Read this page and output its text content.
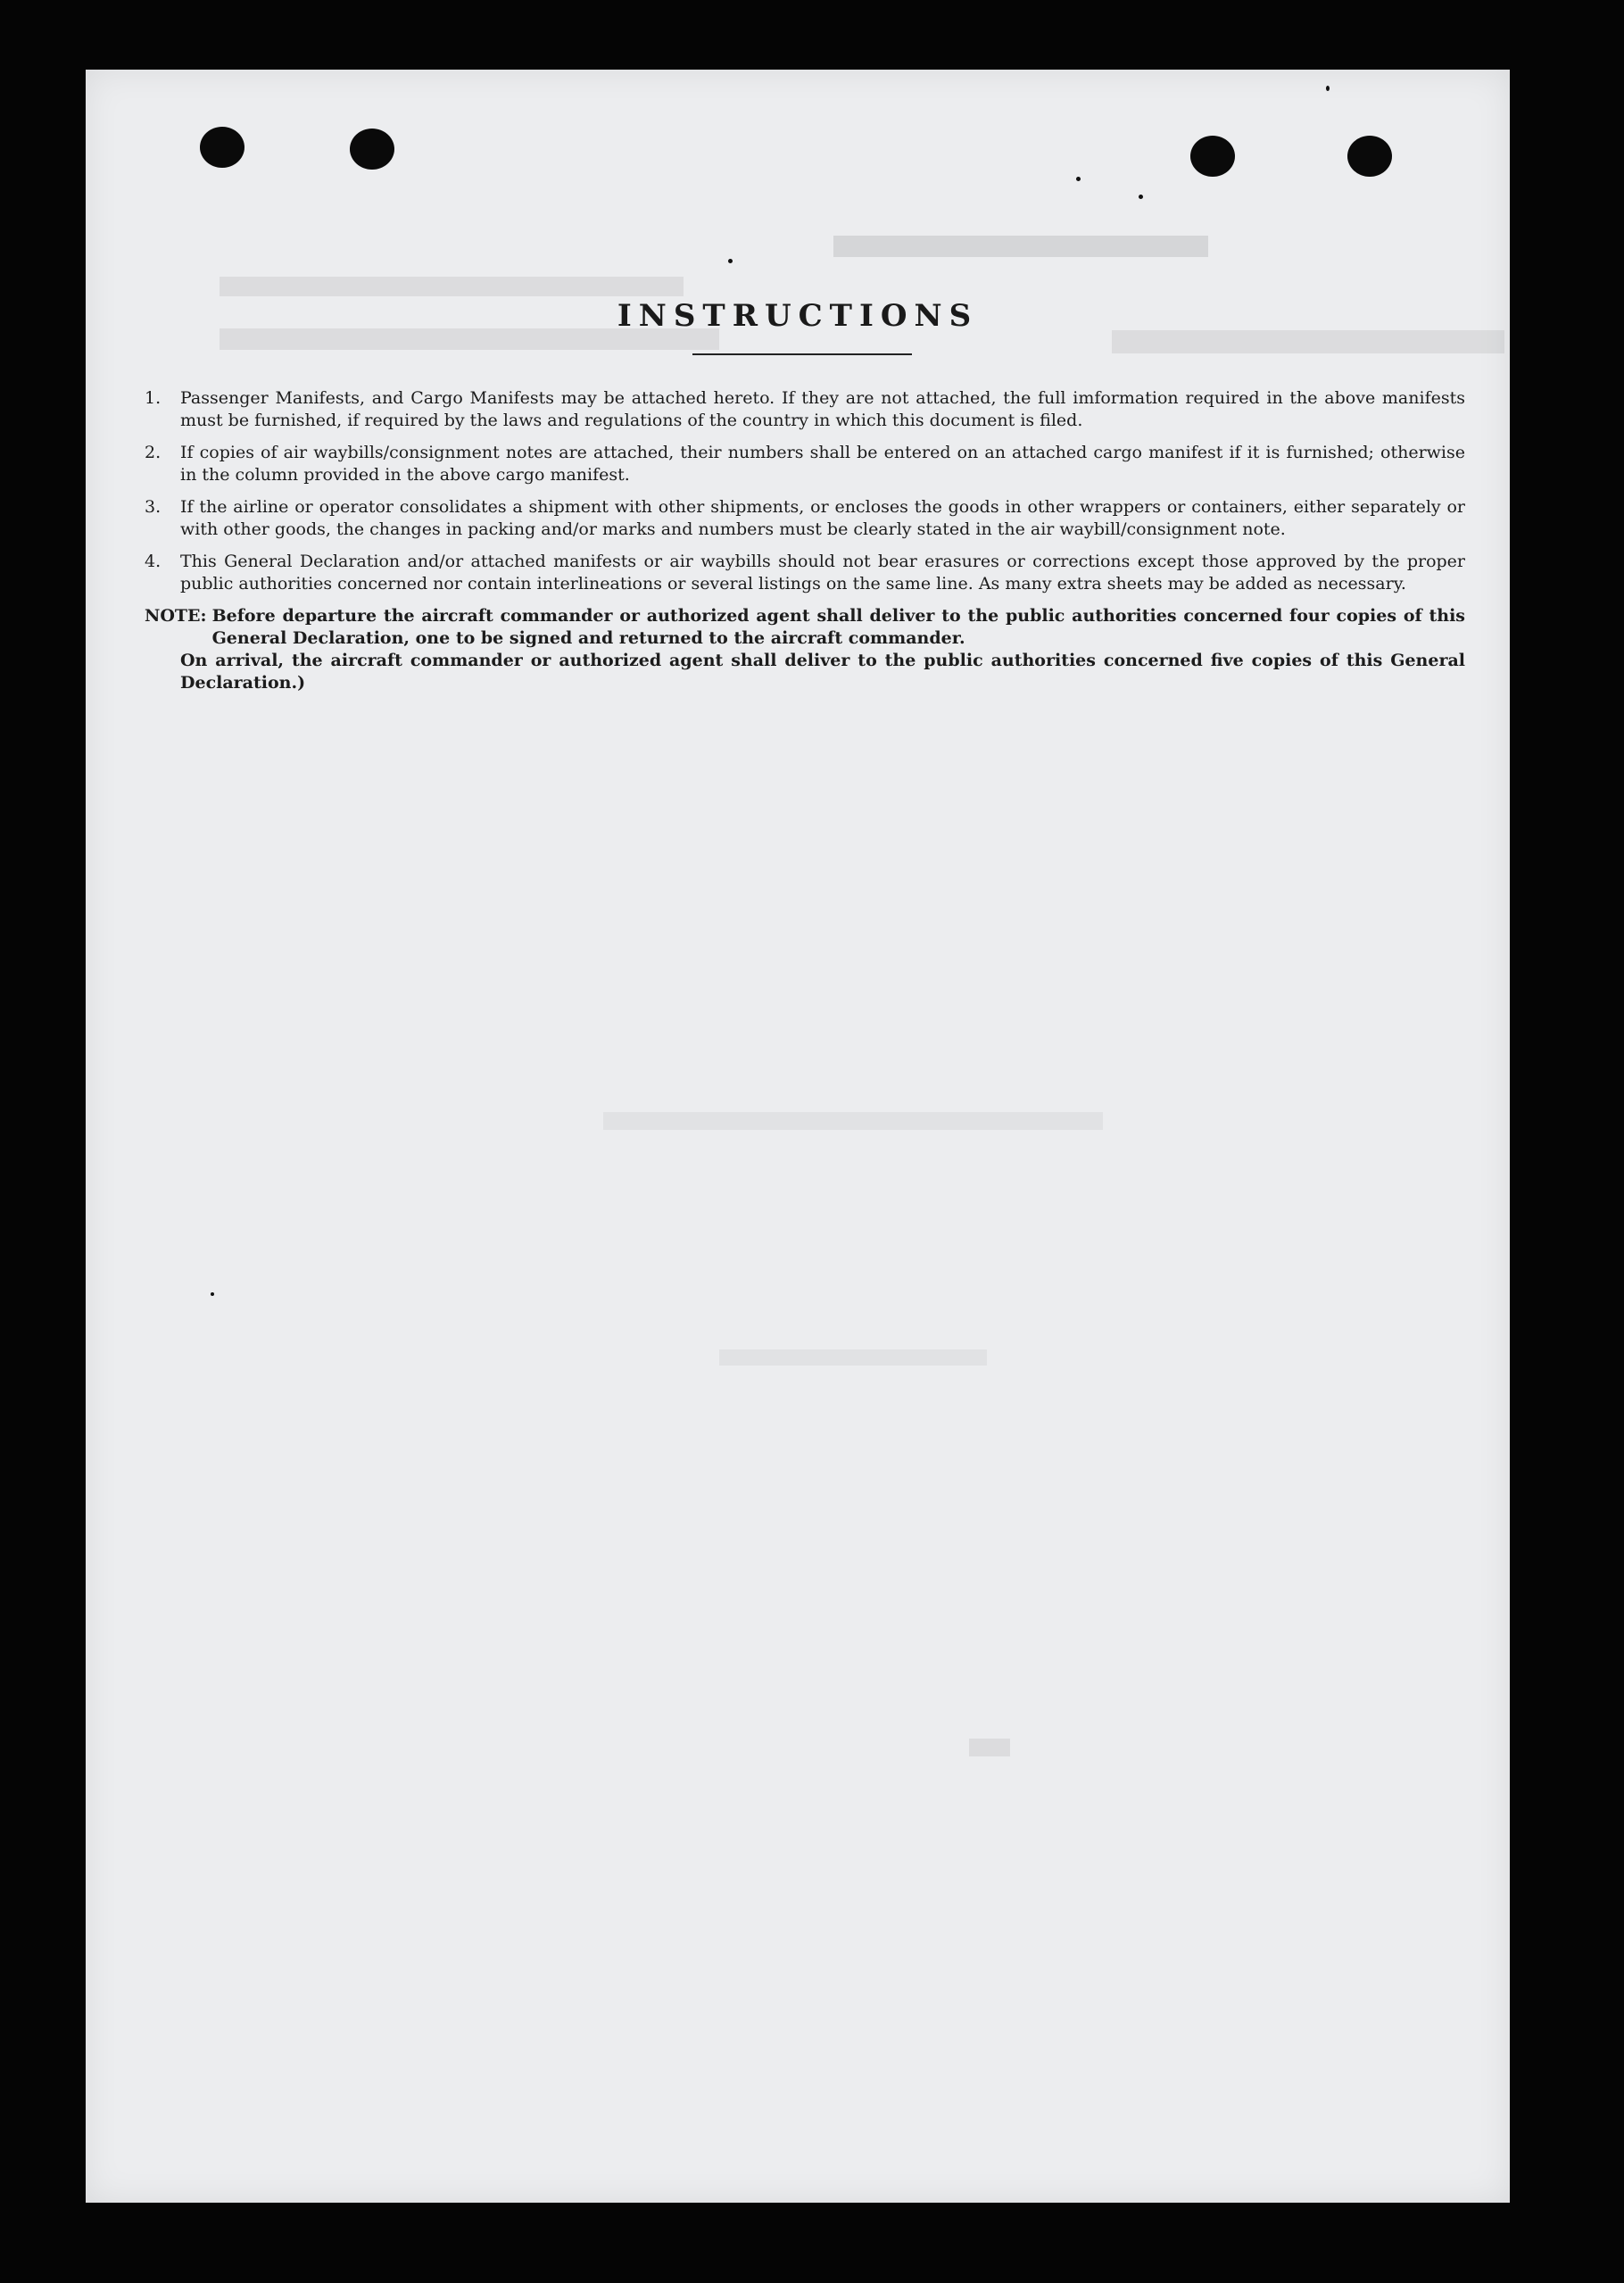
INSTRUCTIONS
1.	Passenger Manifests, and Cargo Manifests may be attached hereto. If they are not attached, the full imformation required in the above manifests must be furnished, if required by the laws and regulations of the country in which this document is filed.
2.	If copies of air waybills/consignment notes are attached, their numbers shall be entered on an attached cargo manifest if it is furnished; otherwise in the column provided in the above cargo manifest.
3.	If the airline or operator consolidates a shipment with other shipments, or encloses the goods in other wrappers or containers, either separately or with other goods, the changes in packing and/or marks and numbers must be clearly stated in the air waybill/consignment note.
4.	This General Declaration and/or attached manifests or air waybills should not bear erasures or corrections except those approved by the proper public authorities concerned nor contain interlineations or several listings on the same line. As many extra sheets may be added as necessary.
NOTE: Before departure the aircraft commander or authorized agent shall deliver to the public authorities concerned four copies of this General Declaration, one to be signed and returned to the aircraft commander.
On arrival, the aircraft commander or authorized agent shall deliver to the public authorities concerned five copies of this General Declaration.)
